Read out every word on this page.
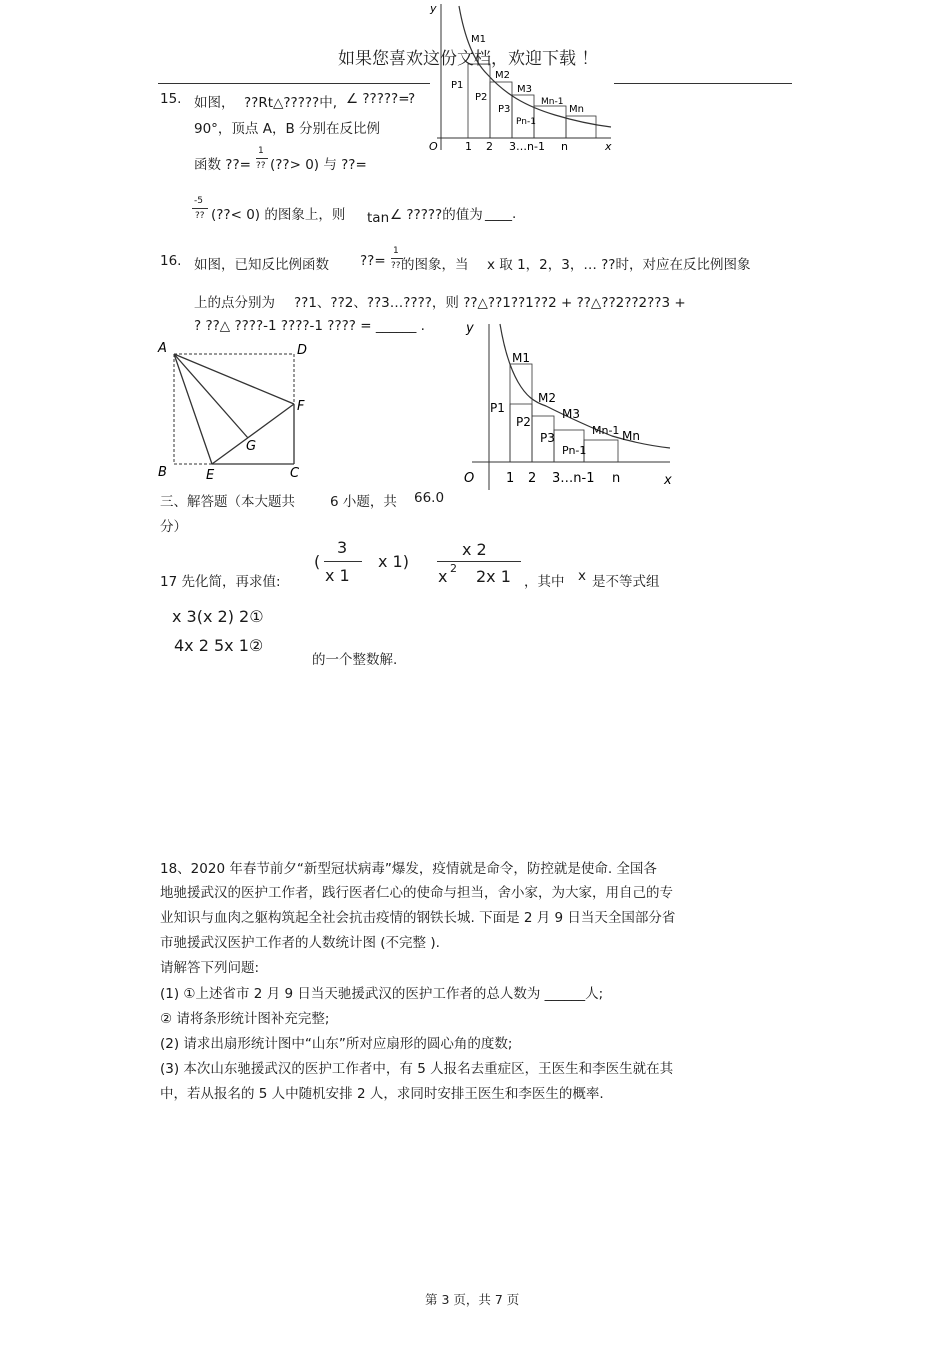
y
x
O 1 2 3…n-1 n
M1
M2
M3
Mn-1
Mn
P1
P2
P3
Pn-1
如果您喜欢这份文档，欢迎下载 ！
15. 如图， ??Rt△?????中, ∠ ?????=
?
90°，顶点 A，B 分别在反比例
函数 ??=
1
?? (??> 0) 与 ??=
-5
?? (??< 0) 的图象上，则 tan ∠ ?????的值为 ____.
16. 如图，已知反比例函数 ??=
1
?? 的图象，当 x 取 1，2，3，… ??时，对应在反比例图象
上的点分别为 ??1、??2、??3…????，则 ??△??1??1??2 + ??△??2??2??3 +
? ??△ ????-1 ????-1 ???? = ______ .
A	D
F
G
B	E	C
y
x
O 1 2 3…n-1 n
M1
M2
M3
Mn-1 Mn
P1
P2
P3
Pn-1
三、解答题（本大题共	6 小题，共 66.0
分）
17 先化简，再求值:
(
3
x 1
x 1)
x 2
x 2 2x 1 ，其中 x 是不等式组
x 3(x 2) 2①
4x 2 5x 1②
的一个整数解.
18、2020 年春节前夕“新型冠状病毒”爆发，疫情就是命令，防控就是使命. 全国各
地驰援武汉的医护工作者，践行医者仁心的使命与担当，舍小家，为大家，用自己的专
业知识与血肉之躯构筑起全社会抗击疫情的钢铁长城. 下面是 2 月 9 日当天全国部分省
市驰援武汉医护工作者的人数统计图 (不完整 ).
请解答下列问题:
(1) ①上述省市 2 月 9 日当天驰援武汉的医护工作者的总人数为 ______人;
② 请将条形统计图补充完整;
(2) 请求出扇形统计图中“山东”所对应扇形的圆心角的度数;
(3) 本次山东驰援武汉的医护工作者中，有 5 人报名去重症区，王医生和李医生就在其
中，若从报名的 5 人中随机安排 2 人，求同时安排王医生和李医生的概率.
第 3 页，共 7 页
